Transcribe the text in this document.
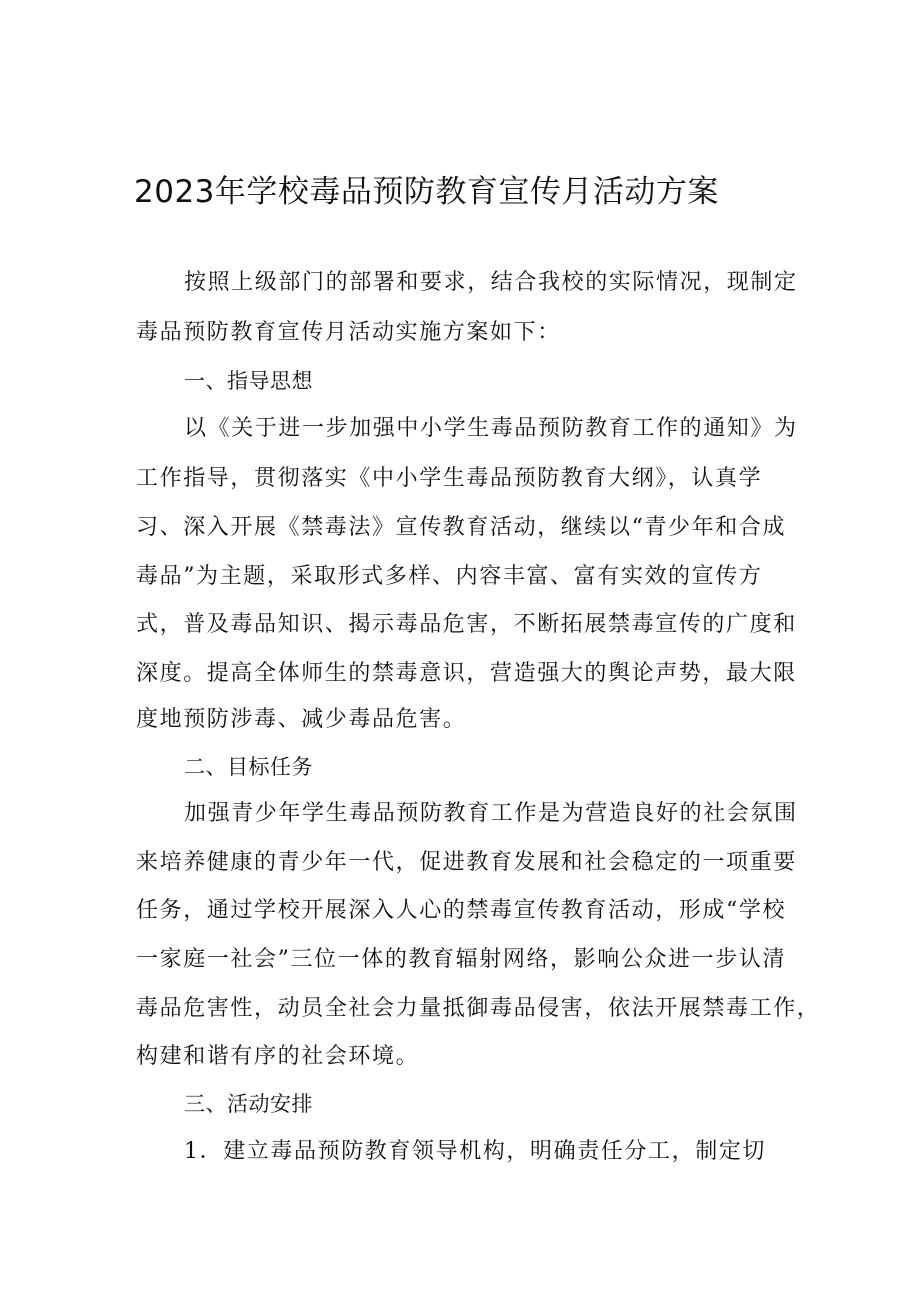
2023年学校毒品预防教育宣传月活动方案

按照上级部门的部署和要求，结合我校的实际情况，现制定

毒品预防教育宣传月活动实施方案如下：

一、指导思想

以《关于进一步加强中小学生毒品预防教育工作的通知》为

工作指导，贯彻落实《中小学生毒品预防教育大纲》，认真学

习、深入开展《禁毒法》宣传教育活动，继续以“青少年和合成

毒品”为主题，采取形式多样、内容丰富、富有实效的宣传方

式，普及毒品知识、揭示毒品危害，不断拓展禁毒宣传的广度和

深度。提高全体师生的禁毒意识，营造强大的舆论声势，最大限

度地预防涉毒、减少毒品危害。

二、目标任务

加强青少年学生毒品预防教育工作是为营造良好的社会氛围

来培养健康的青少年一代，促进教育发展和社会稳定的一项重要

任务，通过学校开展深入人心的禁毒宣传教育活动，形成“学校

一家庭一社会”三位一体的教育辐射网络，影响公众进一步认清

毒品危害性，动员全社会力量抵御毒品侵害，依法开展禁毒工作，

构建和谐有序的社会环境。

三、活动安排

1．建立毒品预防教育领导机构，明确责任分工，制定切
